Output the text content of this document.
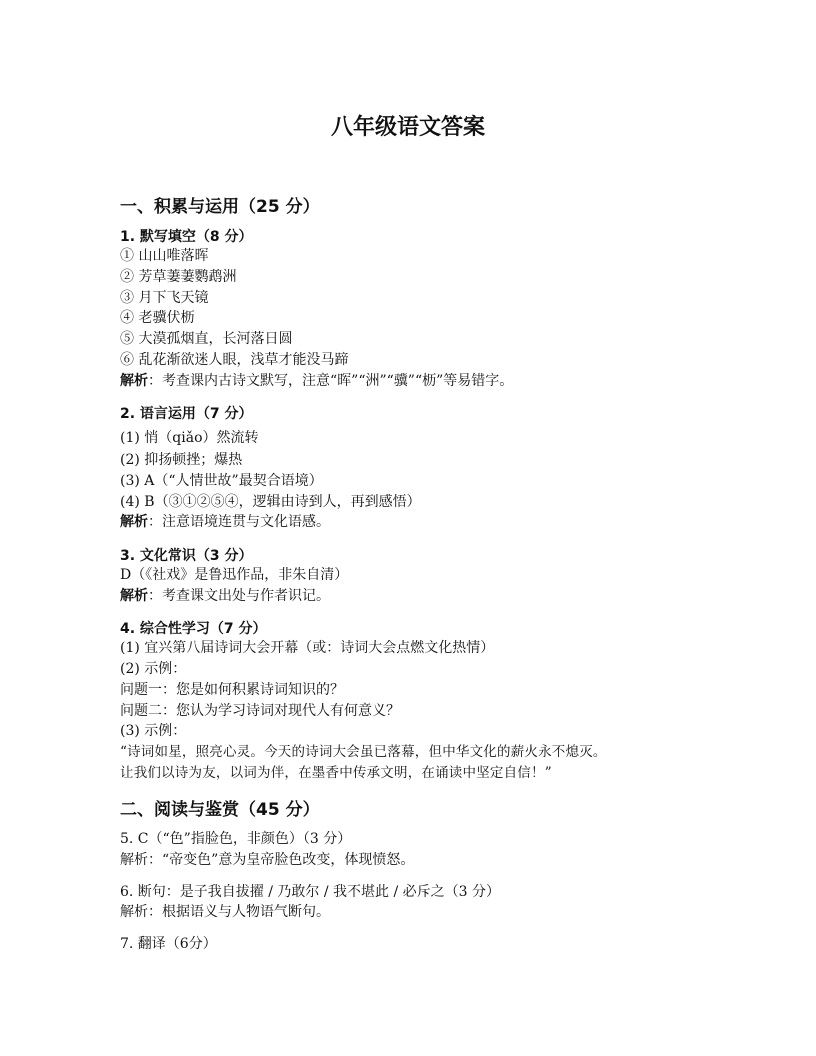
八年级语文答案
一、积累与运用（25 分）
1. 默写填空（8 分）
① 山山唯落晖
② 芳草萋萋鹦鹉洲
③ 月下飞天镜
④ 老骥伏枥
⑤ 大漠孤烟直，长河落日圆
⑥ 乱花渐欲迷人眼，浅草才能没马蹄
解析：考查课内古诗文默写，注意“晖”“洲”“骥”“枥”等易错字。
2. 语言运用（7 分）
(1) 悄（qiǎo）然流转
(2) 抑扬顿挫；爆热
(3) A（“人情世故”最契合语境）
(4) B（③①②⑤④，逻辑由诗到人，再到感悟）
解析：注意语境连贯与文化语感。
3. 文化常识（3 分）
D（《社戏》是鲁迅作品，非朱自清）
解析：考查课文出处与作者识记。
4. 综合性学习（7 分）
(1) 宜兴第八届诗词大会开幕（或：诗词大会点燃文化热情）
(2) 示例：
问题一：您是如何积累诗词知识的？
问题二：您认为学习诗词对现代人有何意义？
(3) 示例：
“诗词如星，照亮心灵。今天的诗词大会虽已落幕，但中华文化的薪火永不熄灭。
让我们以诗为友，以词为伴，在墨香中传承文明，在诵读中坚定自信！”
二、阅读与鉴赏（45 分）
5. C（“色”指脸色，非颜色）（3 分）
解析：“帝变色”意为皇帝脸色改变，体现愤怒。
6. 断句：是子我自拔擢 / 乃敢尔 / 我不堪此 / 必斥之（3 分）
解析：根据语义与人物语气断句。
7. 翻译（6分）
